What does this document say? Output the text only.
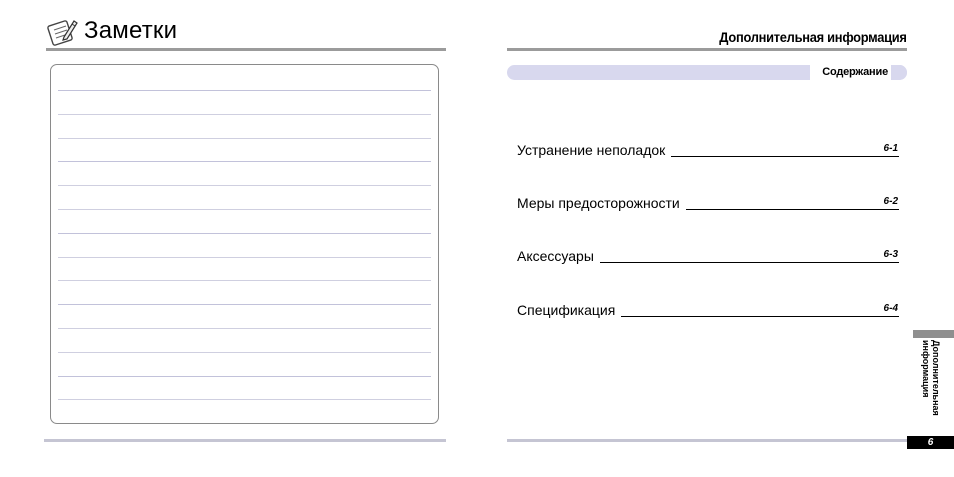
Заметки	Дополнительная информация
Содержание
Устранение неполадок	6-1
Меры предосторожности	6-2
Аксессуары	6-3
Спецификация	6-4
Дополнительная информация
6
